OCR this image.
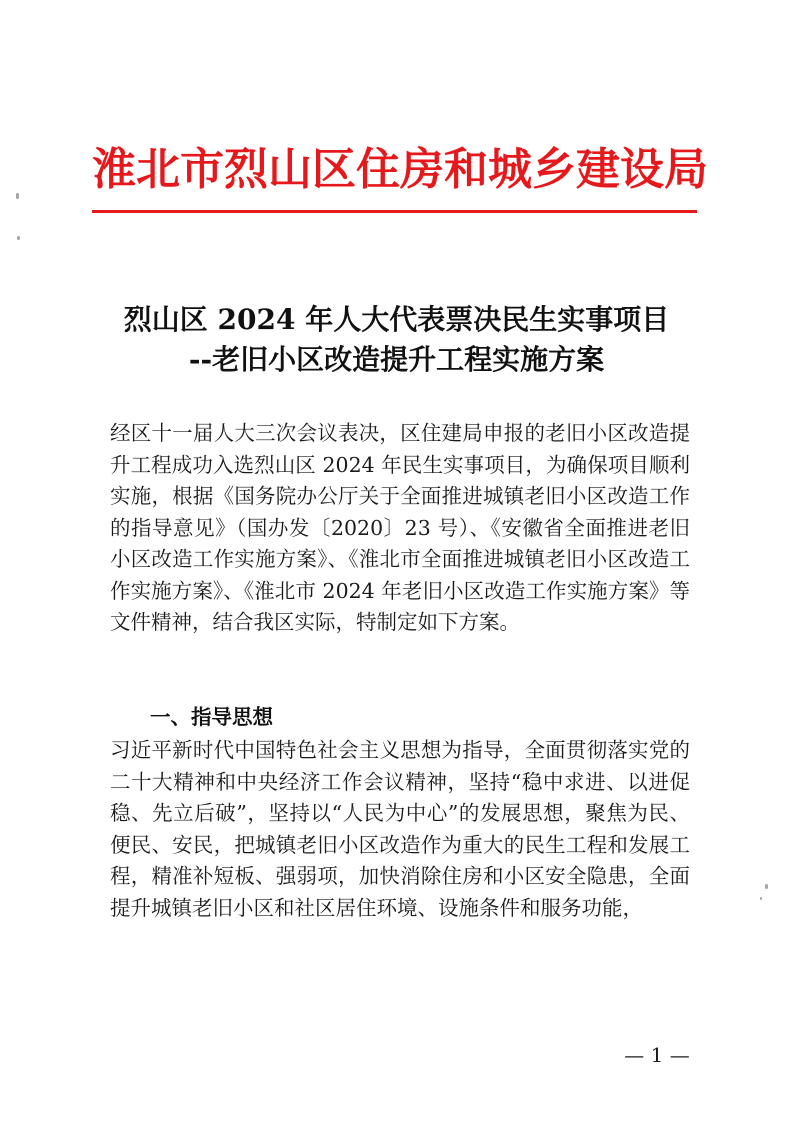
淮北市烈山区住房和城乡建设局
烈山区 2024 年人大代表票决民生实事项目
--老旧小区改造提升工程实施方案
经区十一届人大三次会议表决，区住建局申报的老旧小区改造提升工程成功入选烈山区 2024 年民生实事项目，为确保项目顺利实施，根据《国务院办公厅关于全面推进城镇老旧小区改造工作的指导意见》（国办发〔2020〕23 号）、《安徽省全面推进老旧小区改造工作实施方案》、《淮北市全面推进城镇老旧小区改造工作实施方案》、《淮北市 2024 年老旧小区改造工作实施方案》等文件精神，结合我区实际，特制定如下方案。
一、指导思想
习近平新时代中国特色社会主义思想为指导，全面贯彻落实党的二十大精神和中央经济工作会议精神，坚持“稳中求进、以进促稳、先立后破”，坚持以“人民为中心”的发展思想，聚焦为民、便民、安民，把城镇老旧小区改造作为重大的民生工程和发展工程，精准补短板、强弱项，加快消除住房和小区安全隐患，全面提升城镇老旧小区和社区居住环境、设施条件和服务功能，
— 1 —
